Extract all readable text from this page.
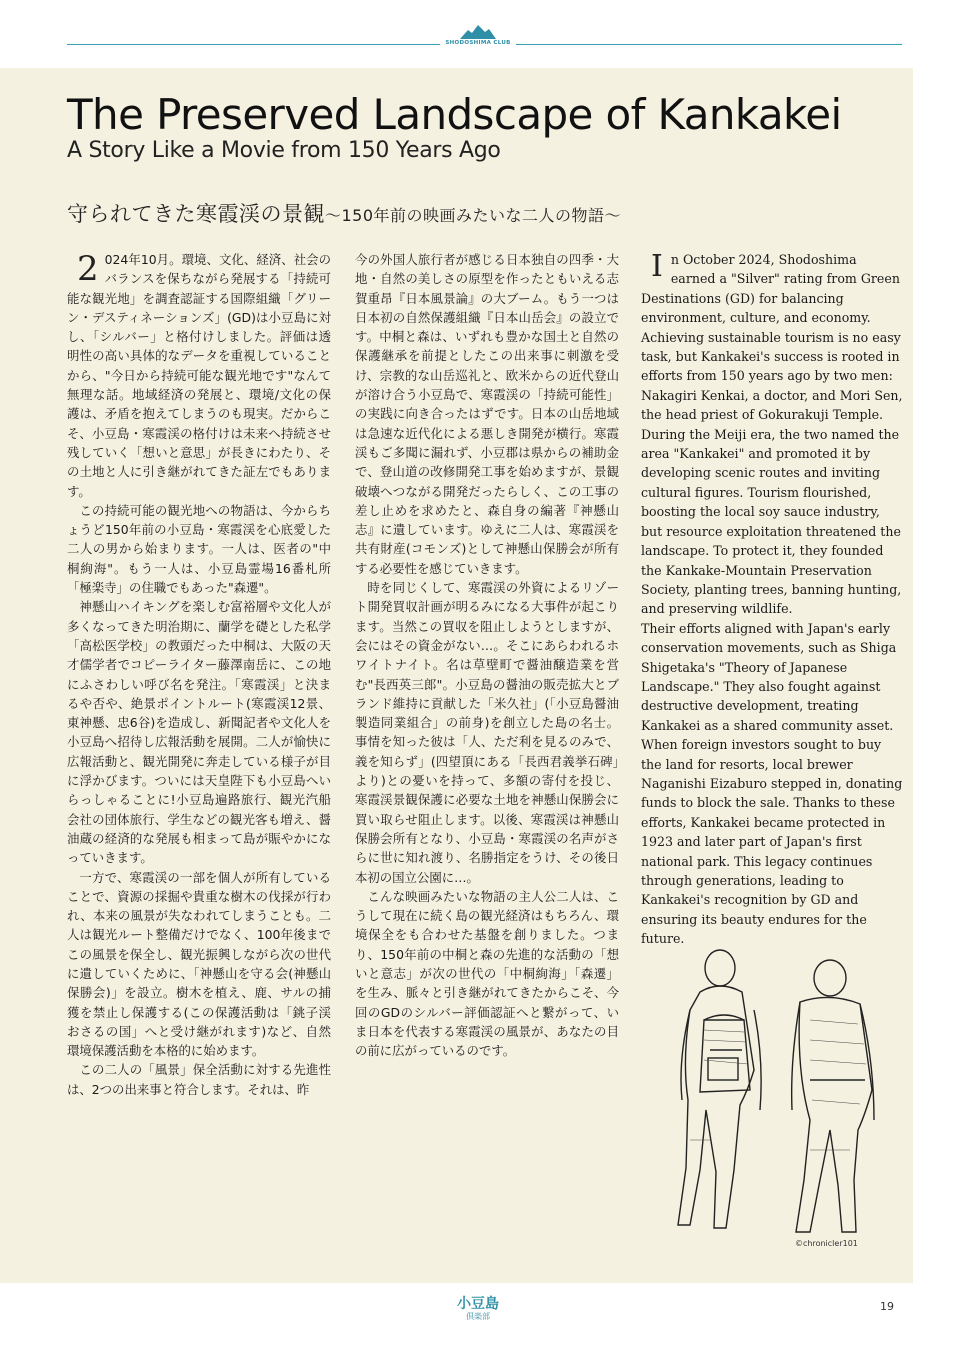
SHODOSHIMA CLUB
The Preserved Landscape of Kankakei
A Story Like a Movie from 150 Years Ago
守られてきた寒霞渓の景観〜150年前の映画みたいな二人の物語〜

2 024年10月。環境、文化、経済、社会のバランスを保ちながら発展する「持続可能な観光地」を調査認証する国際組織「グリーン・デスティネーションズ」(GD)は小豆島に対し、「シルバー」と格付けしました。評価は透明性の高い具体的なデータを重視していることから、"今日から持続可能な観光地です"なんて無理な話。地域経済の発展と、環境/文化の保護は、矛盾を抱えてしまうのも現実。だからこそ、小豆島・寒霞渓の格付けは未来へ持続させ残していく「想いと意思」が長きにわたり、その土地と人に引き継がれてきた証左でもあります。

この持続可能の観光地への物語は、今からちょうど150年前の小豆島・寒霞渓を心底愛した二人の男から始まります。一人は、医者の"中桐絢海"。もう一人は、小豆島霊場16番札所「極楽寺」の住職でもあった"森遷"。

神懸山ハイキングを楽しむ富裕層や文化人が多くなってきた明治期に、蘭学を礎とした私学「高松医学校」の教頭だった中桐は、大阪の天才儒学者でコピーライター藤澤南岳に、この地にふさわしい呼び名を発注。「寒霞渓」と決まるや否や、絶景ポイントルート(寒霞渓12景、東神懸、忠6谷)を造成し、新聞記者や文化人を小豆島へ招待し広報活動を展開。二人が愉快に広報活動と、観光開発に奔走している様子が目に浮かびます。ついには天皇陛下も小豆島へいらっしゃることに!小豆島遍路旅行、観光汽船会社の団体旅行、学生などの観光客も増え、醤油蔵の経済的な発展も相まって島が賑やかになっていきます。

一方で、寒霞渓の一部を個人が所有していることで、資源の採掘や貴重な樹木の伐採が行われ、本来の風景が失なわれてしまうことも。二人は観光ルート整備だけでなく、100年後までこの風景を保全し、観光振興しながら次の世代に遺していくために、「神懸山を守る会(神懸山保勝会)」を設立。樹木を植え、鹿、サルの捕獲を禁止し保護する(この保護活動は「銚子渓おさるの国」へと受け継がれます)など、自然環境保護活動を本格的に始めます。

この二人の「風景」保全活動に対する先進性は、2つの出来事と符合します。それは、昨

今の外国人旅行者が感じる日本独自の四季・大地・自然の美しさの原型を作ったともいえる志賀重昂『日本風景論』の大ブーム。もう一つは日本初の自然保護組織『日本山岳会』の設立です。中桐と森は、いずれも豊かな国土と自然の保護継承を前提としたこの出来事に刺激を受け、宗教的な山岳巡礼と、欧米からの近代登山が溶け合う小豆島で、寒霞渓の「持続可能性」の実践に向き合ったはずです。日本の山岳地域は急速な近代化による悪しき開発が横行。寒霞渓もご多聞に漏れず、小豆郡は県からの補助金で、登山道の改修開発工事を始めますが、景観破壊へつながる開発だったらしく、この工事の差し止めを求めたと、森自身の編著『神懸山志』に遺しています。ゆえに二人は、寒霞渓を共有財産(コモンズ)として神懸山保勝会が所有する必要性を感じていきます。

時を同じくして、寒霞渓の外資によるリゾート開発買収計画が明るみになる大事件が起こります。当然この買収を阻止しようとしますが、会にはその資金がない…。そこにあらわれるホワイトナイト。名は草壁町で醤油醸造業を営む"長西英三郎"。小豆島の醤油の販売拡大とブランド維持に貢献した「米久社」(「小豆島醤油製造同業組合」の前身)を創立した島の名士。事情を知った彼は「人、ただ利を見るのみで、義を知らず」(四望頂にある「長西君義挙石碑」より)との憂いを持って、多額の寄付を投じ、寒霞渓景観保護に必要な土地を神懸山保勝会に買い取らせ阻止します。以後、寒霞渓は神懸山保勝会所有となり、小豆島・寒霞渓の名声がさらに世に知れ渡り、名勝指定をうけ、その後日本初の国立公園に…。

こんな映画みたいな物語の主人公二人は、こうして現在に続く島の観光経済はもちろん、環境保全をも合わせた基盤を創りました。つまり、150年前の中桐と森の先進的な活動の「想いと意志」が次の世代の「中桐絢海」「森遷」を生み、脈々と引き継がれてきたからこそ、今回のGDのシルバー評価認証へと繋がって、いま日本を代表する寒霞渓の風景が、あなたの目の前に広がっているのです。

In October 2024, Shodoshima earned a "Silver" rating from Green Destinations (GD) for balancing environment, culture, and economy. Achieving sustainable tourism is no easy task, but Kankakei's success is rooted in efforts from 150 years ago by two men: Nakagiri Kenkai, a doctor, and Mori Sen, the head priest of Gokurakuji Temple. During the Meiji era, the two named the area "Kankakei" and promoted it by developing scenic routes and inviting cultural figures. Tourism flourished, boosting the local soy sauce industry, but resource exploitation threatened the landscape. To protect it, they founded the Kankake-Mountain Preservation Society, planting trees, banning hunting, and preserving wildlife.

Their efforts aligned with Japan's early conservation movements, such as Shiga Shigetaka's "Theory of Japanese Landscape." They also fought against destructive development, treating Kankakei as a shared community asset. When foreign investors sought to buy the land for resorts, local brewer Naganishi Eizaburo stepped in, donating funds to block the sale. Thanks to these efforts, Kankakei became protected in 1923 and later part of Japan's first national park. This legacy continues through generations, leading to Kankakei's recognition by GD and ensuring its beauty endures for the future.

©chronicler101
小豆島
倶楽部
19
